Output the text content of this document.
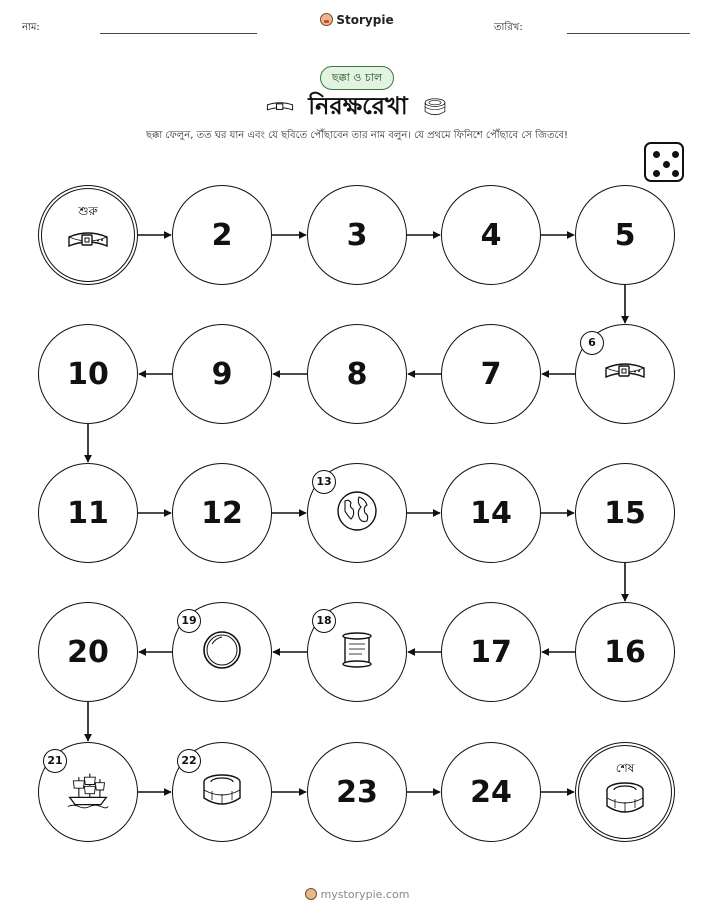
নাম:
Storypie
তারিখ:
ছক্কা ও চাল
নিরক্ষরেখা
ছক্কা ফেলুন, তত ঘর যান এবং যে ছবিতে পৌঁছাবেন তার নাম বলুন। যে প্রথমে ফিনিশে পৌঁছাবে সে জিতবে!
শুরু
2	3	4	5
6
7
8
9
10
11	12
13
14	15
16
17
18
19
20
21	22
23	24
শেষ
mystorypie.com
